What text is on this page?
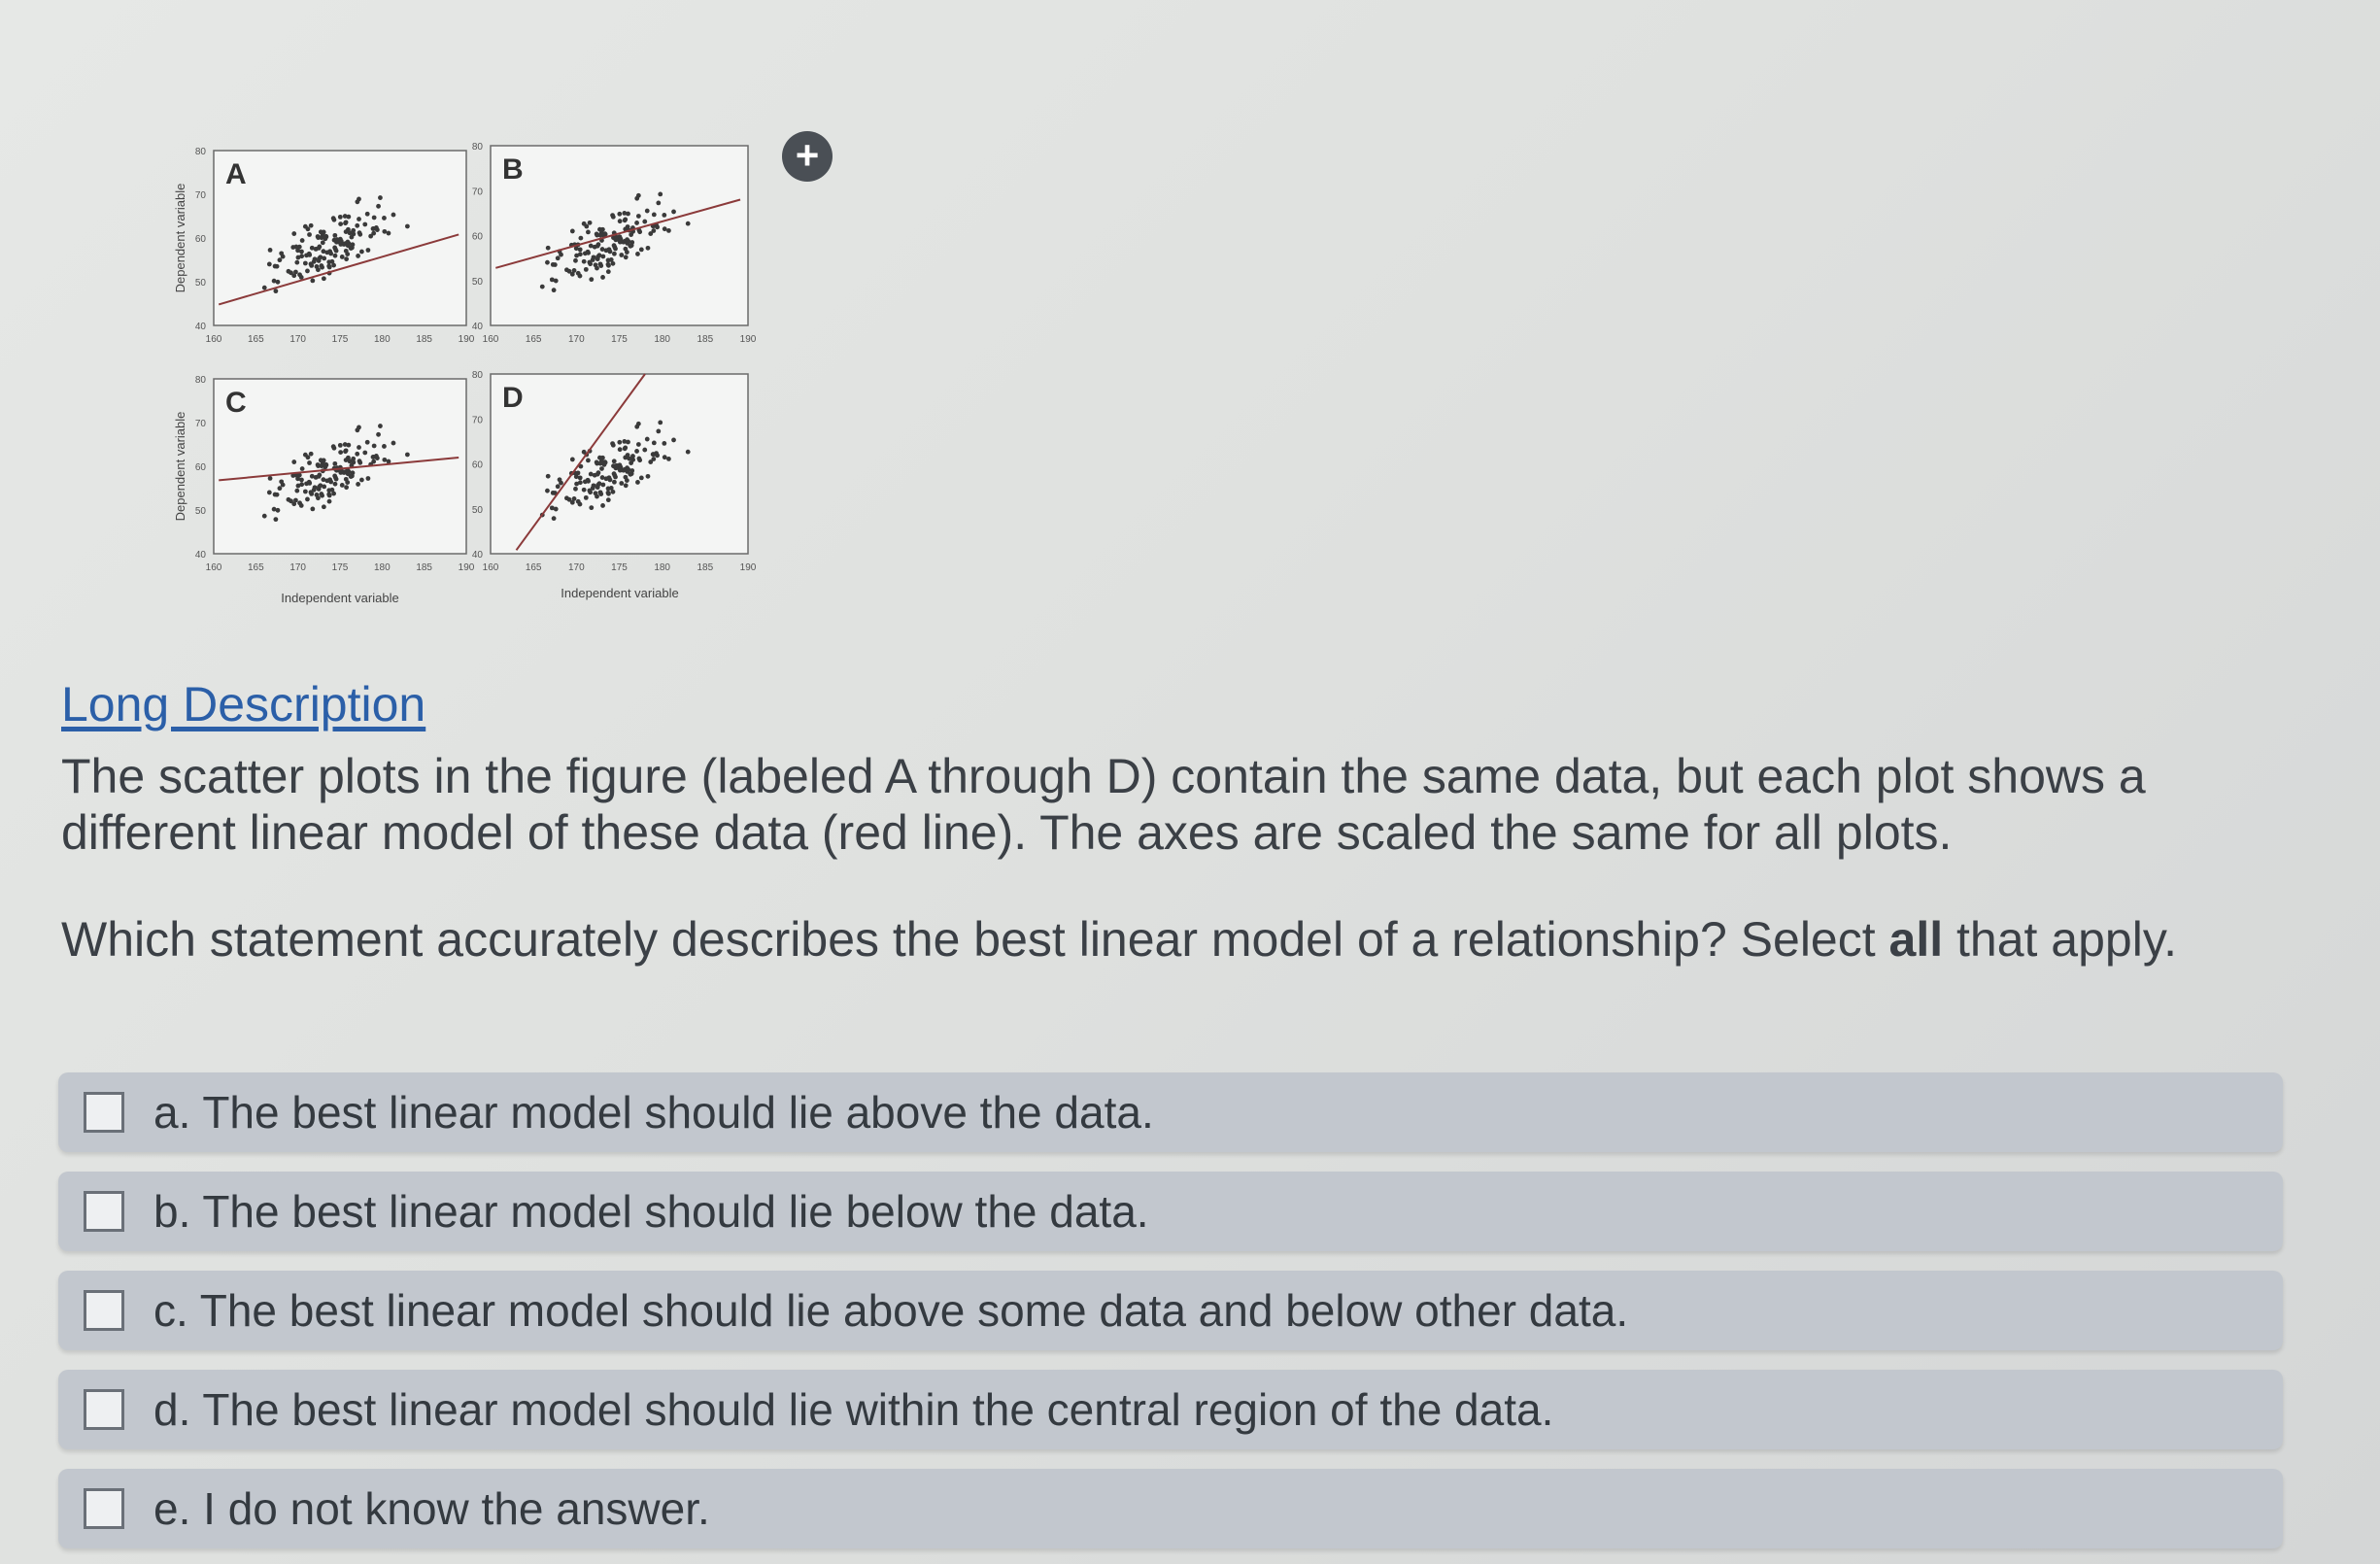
A
80
70
60
50
40
160	165	170	175	180	185	190
B
80
70
60
50
40
160	165	170	175	180	185	190
C
80
70
60
50
40
160	165	170	175	180	185	190
D
80
70
60
50
40
160	165	170	175	180	185	190
Dependent variable
Dependent variable
Independent variable	Independent variable
+
Long Description
The scatter plots in the figure (labeled A through D) contain the same data, but each plot shows a different linear model of these data (red line). The axes are scaled the same for all plots.
Which statement accurately describes the best linear model of a relationship? Select all that apply.
a. The best linear model should lie above the data.
b. The best linear model should lie below the data.
c. The best linear model should lie above some data and below other data.
d. The best linear model should lie within the central region of the data.
e. I do not know the answer.
